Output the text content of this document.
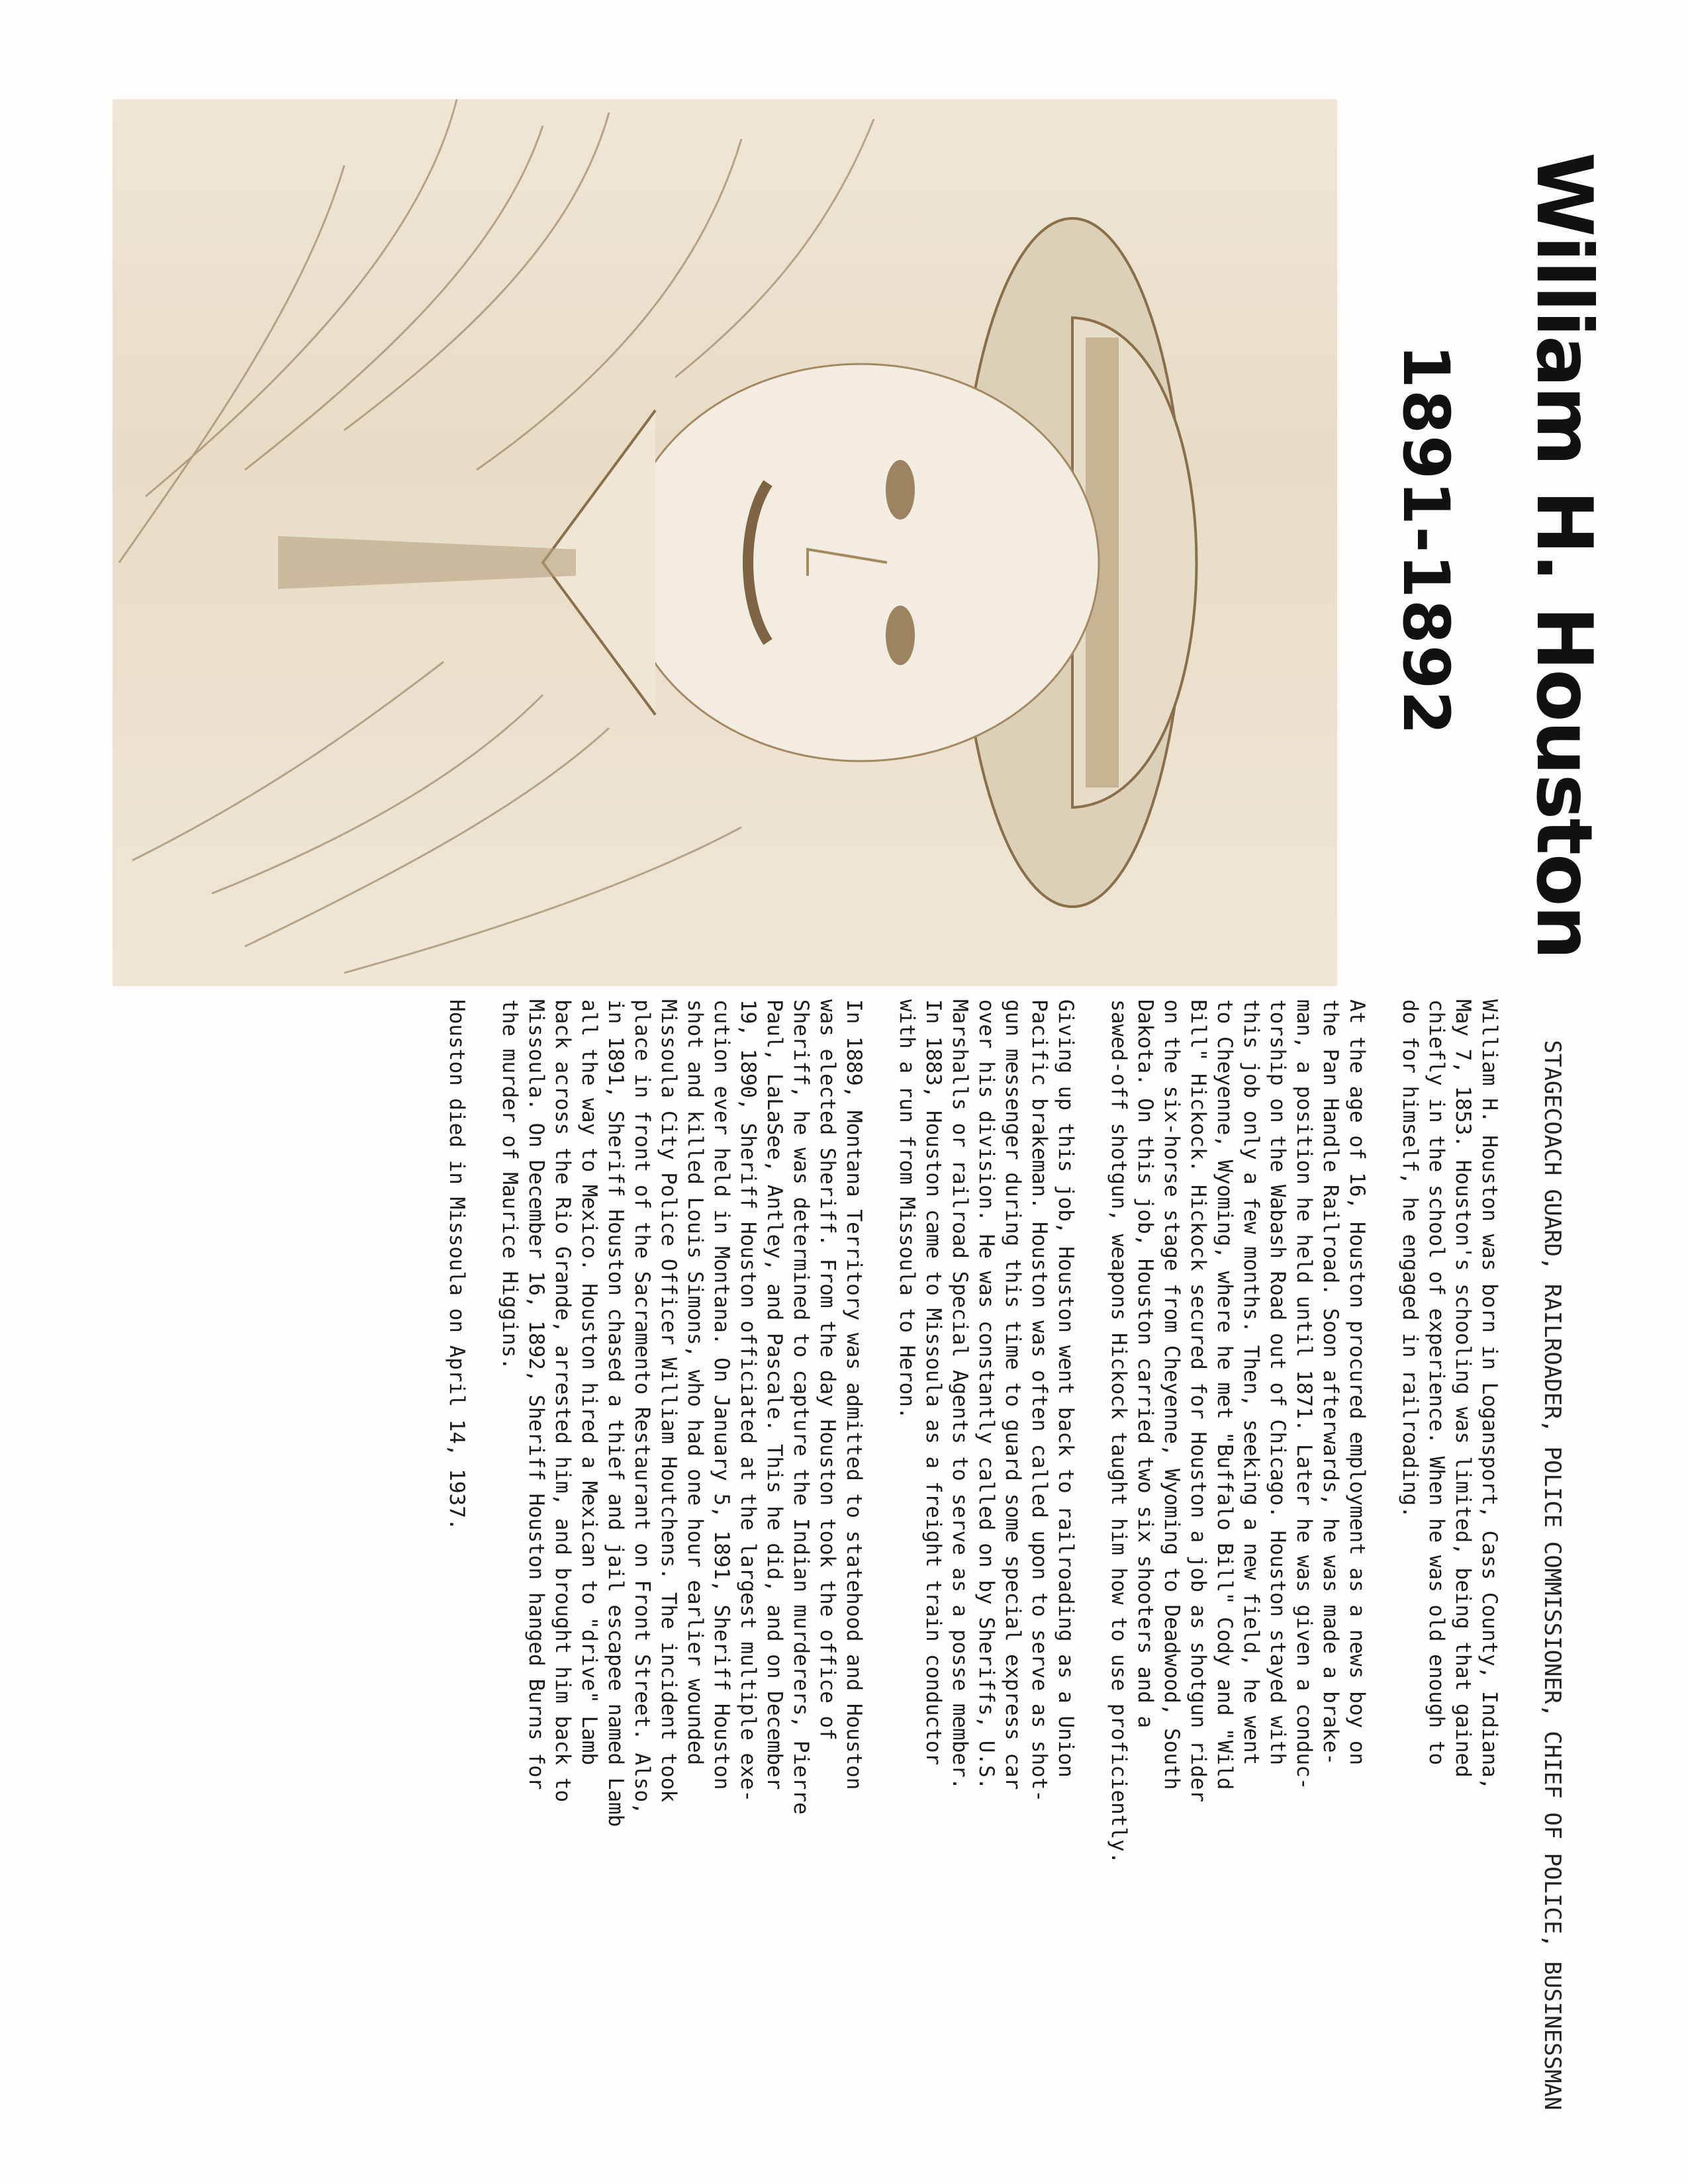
William H. Houston
1891-1892

STAGECOACH GUARD, RAILROADER, POLICE COMMISSIONER, CHIEF OF POLICE, BUSINESSMAN

William H. Houston was born in Logansport, Cass County, Indiana,
May 7, 1853. Houston's schooling was limited, being that gained
chiefly in the school of experience. When he was old enough to
do for himself, he engaged in railroading.

At the age of 16, Houston procured employment as a news boy on
the Pan Handle Railroad. Soon afterwards, he was made a brake-
man, a position he held until 1871. Later he was given a conduc-
torship on the Wabash Road out of Chicago. Houston stayed with
this job only a few months. Then, seeking a new field, he went
to Cheyenne, Wyoming, where he met "Buffalo Bill" Cody and "Wild
Bill" Hickock. Hickock secured for Houston a job as shotgun rider
on the six-horse stage from Cheyenne, Wyoming to Deadwood, South
Dakota. On this job, Houston carried two six shooters and a
sawed-off shotgun, weapons Hickock taught him how to use proficiently.

Giving up this job, Houston went back to railroading as a Union
Pacific brakeman. Houston was often called upon to serve as shot-
gun messenger during this time to guard some special express car
over his division. He was constantly called on by Sheriffs, U.S.
Marshalls or railroad Special Agents to serve as a posse member.
In 1883, Houston came to Missoula as a freight train conductor
with a run from Missoula to Heron.

In 1889, Montana Territory was admitted to statehood and Houston
was elected Sheriff. From the day Houston took the office of
Sheriff, he was determined to capture the Indian murderers, Pierre
Paul, LaLaSee, Antley, and Pascale. This he did, and on December
19, 1890, Sheriff Houston officiated at the largest multiple exe-
cution ever held in Montana. On January 5, 1891, Sheriff Houston
shot and killed Louis Simons, who had one hour earlier wounded
Missoula City Police Officer William Houtchens. The incident took
place in front of the Sacramento Restaurant on Front Street. Also,
in 1891, Sheriff Houston chased a thief and jail escapee named Lamb
all the way to Mexico. Houston hired a Mexican to "drive" Lamb
back across the Rio Grande, arrested him, and brought him back to
Missoula. On December 16, 1892, Sheriff Houston hanged Burns for
the murder of Maurice Higgins.

Houston died in Missoula on April 14, 1937.
